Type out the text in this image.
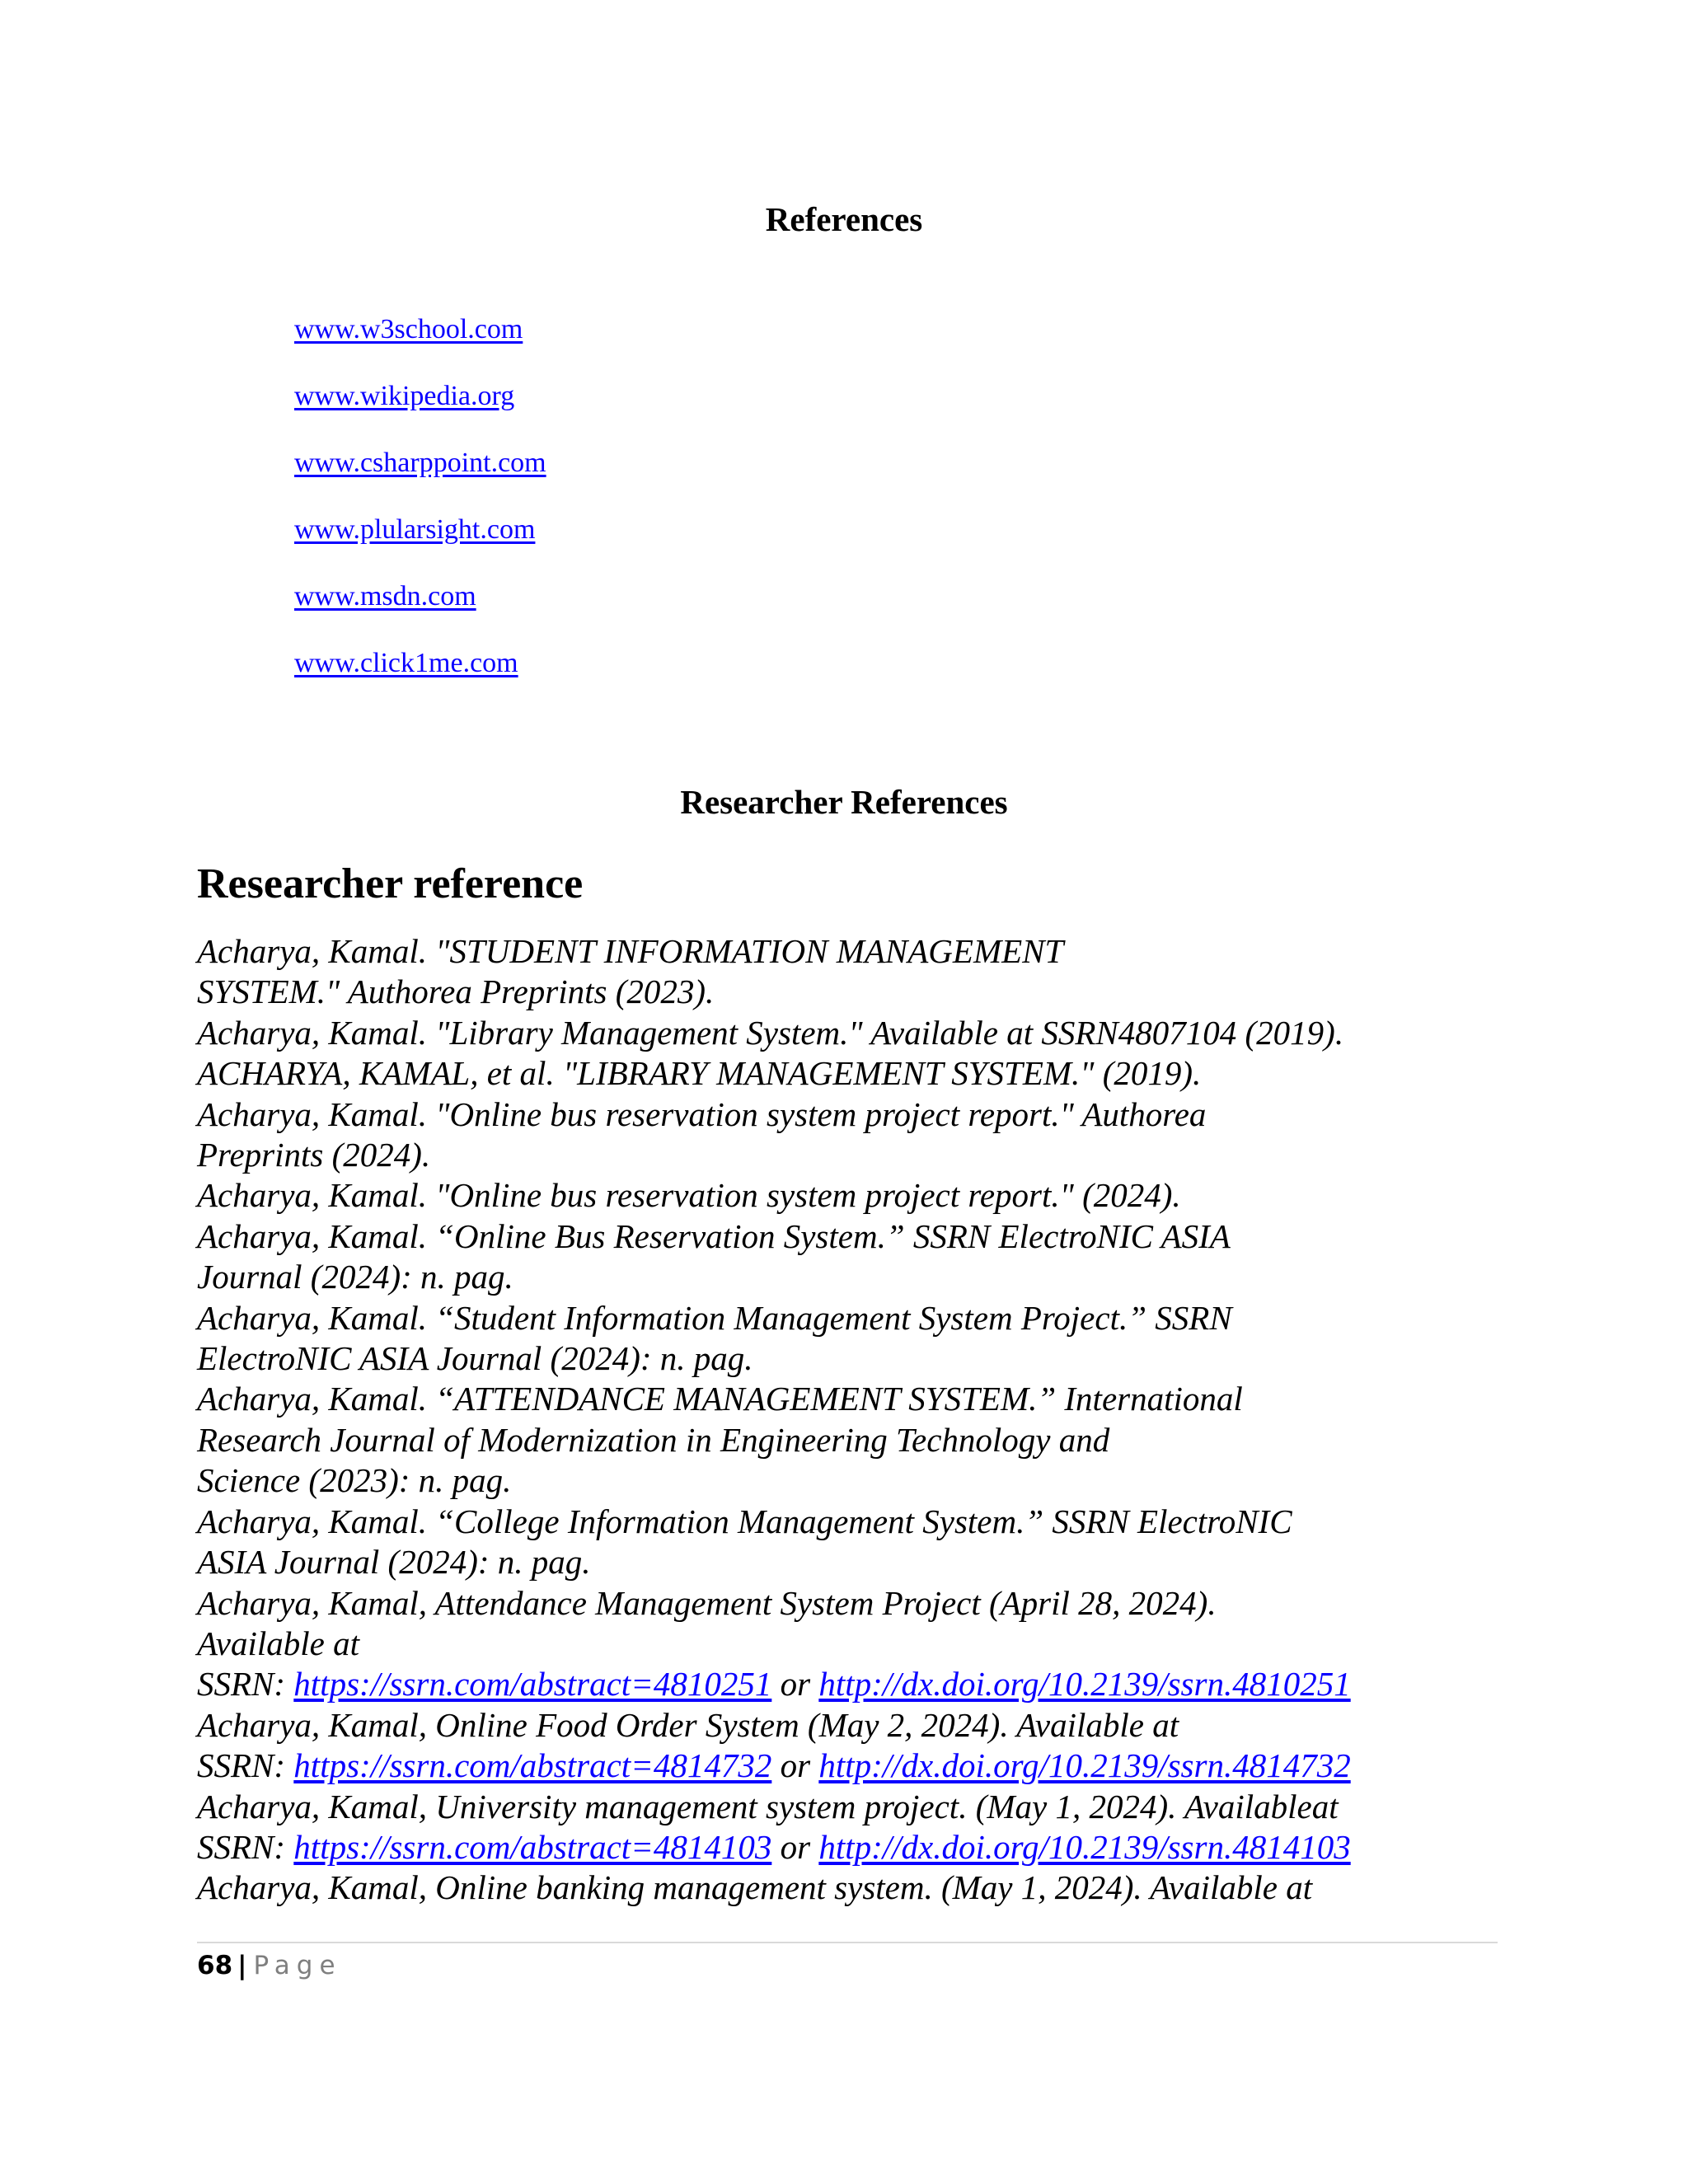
References
www.w3school.com
www.wikipedia.org
www.csharppoint.com
www.plularsight.com
www.msdn.com
www.click1me.com
Researcher References
Researcher reference
Acharya, Kamal. "STUDENT INFORMATION MANAGEMENT
SYSTEM." Authorea Preprints (2023).
Acharya, Kamal. "Library Management System." Available at SSRN4807104 (2019).
ACHARYA, KAMAL, et al. "LIBRARY MANAGEMENT SYSTEM." (2019).
Acharya, Kamal. "Online bus reservation system project report." Authorea
Preprints (2024).
Acharya, Kamal. "Online bus reservation system project report." (2024).
Acharya, Kamal. “Online Bus Reservation System.” SSRN ElectroNIC ASIA
Journal (2024): n. pag.
Acharya, Kamal. “Student Information Management System Project.” SSRN
ElectroNIC ASIA Journal (2024): n. pag.
Acharya, Kamal. “ATTENDANCE MANAGEMENT SYSTEM.” International
Research Journal of Modernization in Engineering Technology and
Science (2023): n. pag.
Acharya, Kamal. “College Information Management System.” SSRN ElectroNIC
ASIA Journal (2024): n. pag.
Acharya, Kamal, Attendance Management System Project (April 28, 2024).
Available at
SSRN: https://ssrn.com/abstract=4810251 or http://dx.doi.org/10.2139/ssrn.4810251
Acharya, Kamal, Online Food Order System (May 2, 2024). Available at
SSRN: https://ssrn.com/abstract=4814732 or http://dx.doi.org/10.2139/ssrn.4814732
Acharya, Kamal, University management system project. (May 1, 2024). Availableat
SSRN: https://ssrn.com/abstract=4814103 or http://dx.doi.org/10.2139/ssrn.4814103
Acharya, Kamal, Online banking management system. (May 1, 2024). Available at
68 | Page
